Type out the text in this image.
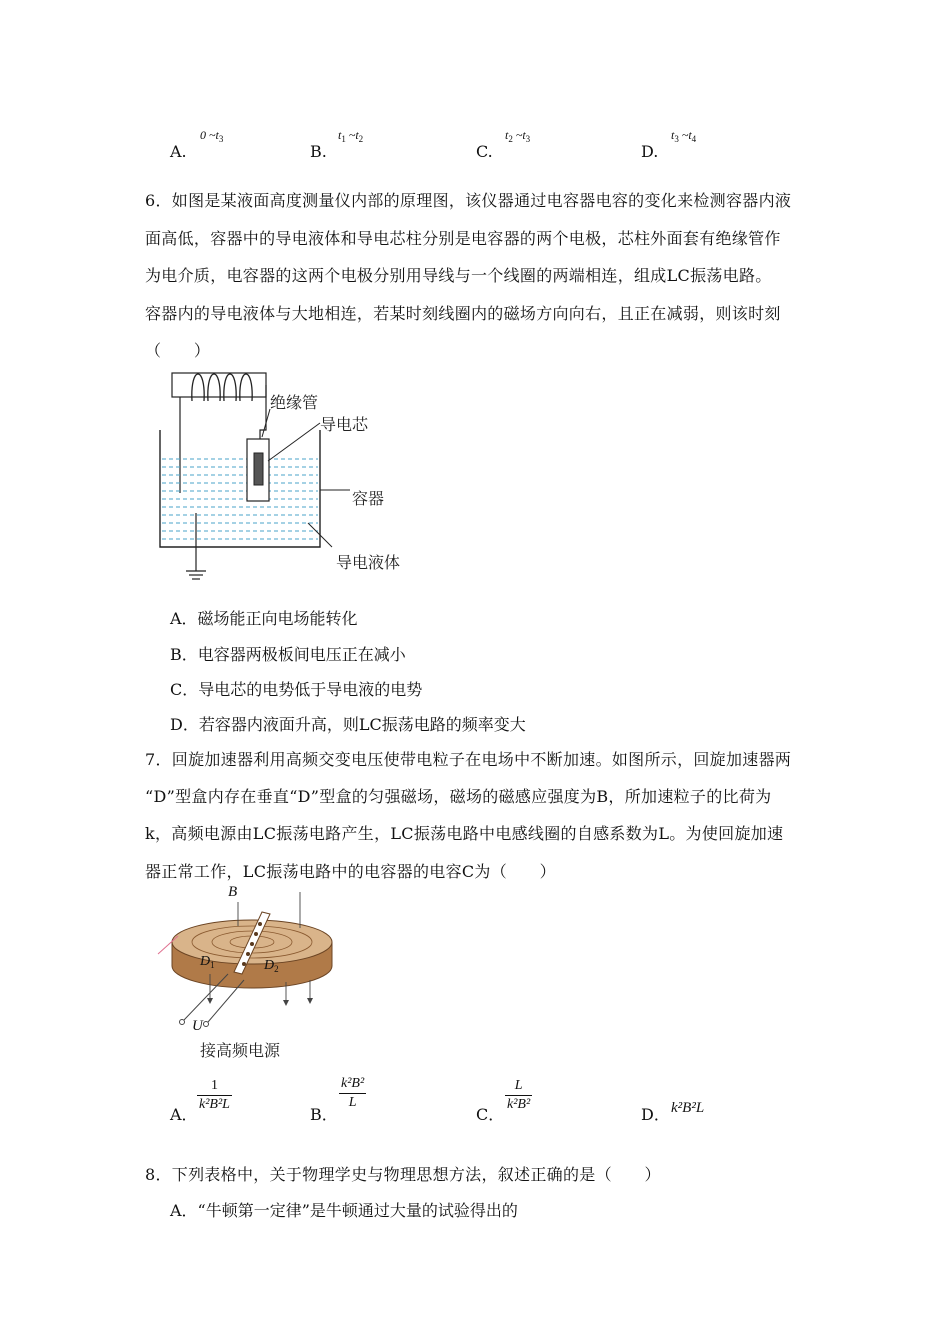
A.
0 $\sim t_3$
B.
$t_1$ $\sim t_2$
C.
$t_2$ $\sim t_3$
D.
$t_3$ $\sim t_4$
6．如图是某液面高度测量仪内部的原理图，该仪器通过电容器电容的变化来检测容器内液
面高低，容器中的导电液体和导电芯柱分别是电容器的两个电极，芯柱外面套有绝缘管作
为电介质，电容器的这两个电极分别用导线与一个线圈的两端相连，组成LC振荡电路。
容器内的导电液体与大地相连，若某时刻线圈内的磁场方向向右，且正在减弱，则该时刻
（　　）
绝缘管
导电芯
容器
导电液体
A．磁场能正向电场能转化
B．电容器两极板间电压正在减小
C．导电芯的电势低于导电液的电势
D．若容器内液面升高，则LC振荡电路的频率变大
7．回旋加速器利用高频交变电压使带电粒子在电场中不断加速。如图所示，回旋加速器两
“D”型盒内存在垂直“D”型盒的匀强磁场，磁场的磁感应强度为B，所加速粒子的比荷为
k，高频电源由LC振荡电路产生，LC振荡电路中电感线圈的自感系数为L。为使回旋加速
器正常工作，LC振荡电路中的电容器的电容C为（　　）
B
$D_1$	$D_2$
U
接高频电源
A．
1
k²B²L
B．
k²B²
L
C．
L
k²B²
D． k²B²L
8．下列表格中，关于物理学史与物理思想方法，叙述正确的是（　　）
A．“牛顿第一定律”是牛顿通过大量的试验得出的
